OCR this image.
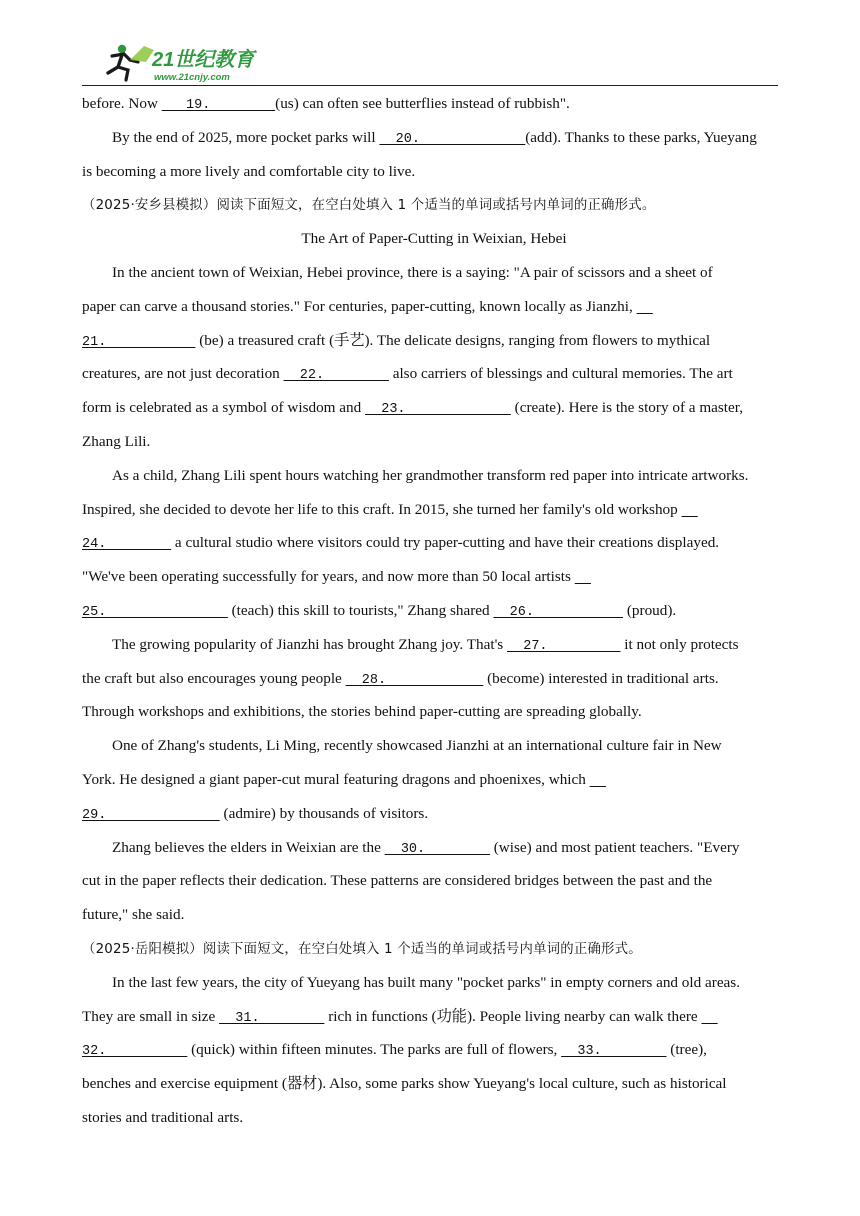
21世纪教育
www.21cnjy.com
before. Now    19.        (us) can often see butterflies instead of rubbish".
By the end of 2025, more pocket parks will   20.             (add). Thanks to these parks, Yueyang
is becoming a more lively and comfortable city to live.
（2025·安乡县模拟）阅读下面短文，在空白处填入 1 个适当的单词或括号内单词的正确形式。
The Art of Paper-Cutting in Weixian, Hebei
In the ancient town of Weixian, Hebei province, there is a saying: "A pair of scissors and a sheet of
paper can carve a thousand stories." For centuries, paper-cutting, known locally as Jianzhi,
21.            (be) a treasured craft (手艺). The delicate designs, ranging from flowers to mythical
creatures, are not just decoration   22.         also carriers of blessings and cultural memories. The art
form is celebrated as a symbol of wisdom and   23.              (create). Here is the story of a master,
Zhang Lili.
As a child, Zhang Lili spent hours watching her grandmother transform red paper into intricate artworks.
Inspired, she decided to devote her life to this craft. In 2015, she turned her family's old workshop
24.         a cultural studio where visitors could try paper-cutting and have their creations displayed.
"We've been operating successfully for years, and now more than 50 local artists
25.                (teach) this skill to tourists," Zhang shared   26.            (proud).
The growing popularity of Jianzhi has brought Zhang joy. That's   27.          it not only protects
the craft but also encourages young people   28.             (become) interested in traditional arts.
Through workshops and exhibitions, the stories behind paper-cutting are spreading globally.
One of Zhang's students, Li Ming, recently showcased Jianzhi at an international culture fair in New
York. He designed a giant paper-cut mural featuring dragons and phoenixes, which
29.               (admire) by thousands of visitors.
Zhang believes the elders in Weixian are the   30.         (wise) and most patient teachers. "Every
cut in the paper reflects their dedication. These patterns are considered bridges between the past and the
future," she said.
（2025·岳阳模拟）阅读下面短文，在空白处填入 1 个适当的单词或括号内单词的正确形式。
In the last few years, the city of Yueyang has built many "pocket parks" in empty corners and old areas.
They are small in size   31.         rich in functions (功能). People living nearby can walk there
32.           (quick) within fifteen minutes. The parks are full of flowers,   33.         (tree),
benches and exercise equipment (器材). Also, some parks show Yueyang's local culture, such as historical
stories and traditional arts.
